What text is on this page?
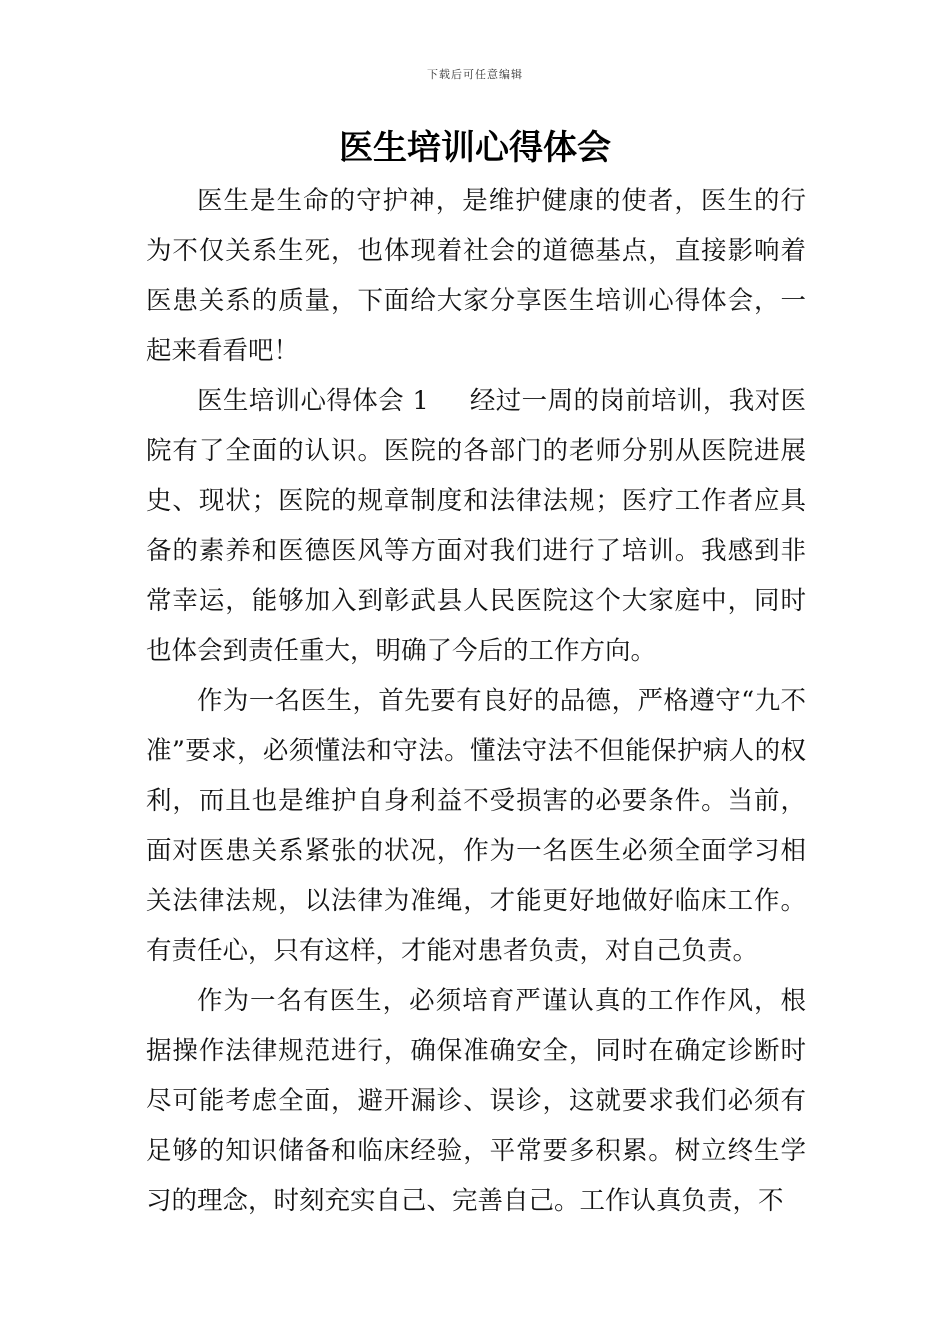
下载后可任意编辑
医生培训心得体会

医生是生命的守护神，是维护健康的使者，医生的行为不仅关系生死，也体现着社会的道德基点，直接影响着医患关系的质量，下面给大家分享医生培训心得体会，一起来看看吧！

医生培训心得体会 1 经过一周的岗前培训，我对医院有了全面的认识。医院的各部门的老师分别从医院进展史、现状；医院的规章制度和法律法规；医疗工作者应具备的素养和医德医风等方面对我们进行了培训。我感到非常幸运，能够加入到彰武县人民医院这个大家庭中，同时也体会到责任重大，明确了今后的工作方向。

作为一名医生，首先要有良好的品德，严格遵守“九不准”要求，必须懂法和守法。懂法守法不但能保护病人的权利，而且也是维护自身利益不受损害的必要条件。当前，面对医患关系紧张的状况，作为一名医生必须全面学习相关法律法规，以法律为准绳，才能更好地做好临床工作。有责任心，只有这样，才能对患者负责，对自己负责。

作为一名有医生，必须培育严谨认真的工作作风，根据操作法律规范进行，确保准确安全，同时在确定诊断时尽可能考虑全面，避开漏诊、误诊，这就要求我们必须有足够的知识储备和临床经验，平常要多积累。树立终生学习的理念，时刻充实自己、完善自己。工作认真负责，不
